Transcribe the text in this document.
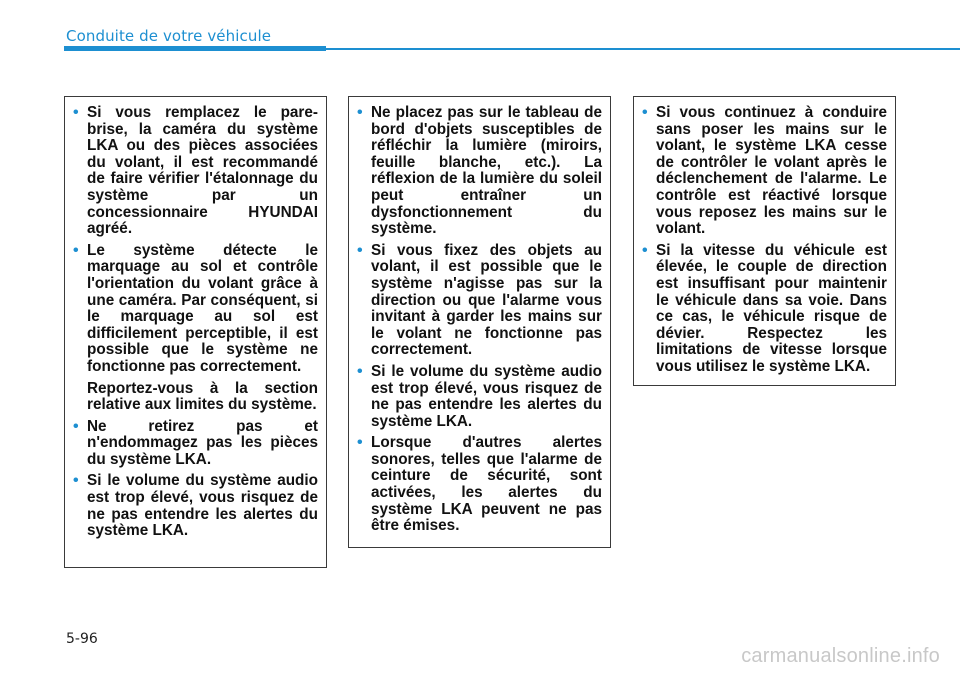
Conduite de votre véhicule
• Si vous remplacez le pare-brise, la caméra du système LKA ou des pièces associées du volant, il est recommandé de faire vérifier l'étalonnage du système par un concessionnaire HYUNDAI agréé.
• Le système détecte le marquage au sol et contrôle l'orientation du volant grâce à une caméra. Par conséquent, si le marquage au sol est difficilement perceptible, il est possible que le système ne fonctionne pas correctement.
Reportez-vous à la section relative aux limites du système.
• Ne retirez pas et n'endommagez pas les pièces du système LKA.
• Si le volume du système audio est trop élevé, vous risquez de ne pas entendre les alertes du système LKA.
• Ne placez pas sur le tableau de bord d'objets susceptibles de réfléchir la lumière (miroirs, feuille blanche, etc.). La réflexion de la lumière du soleil peut entraîner un dysfonctionnement du système.
• Si vous fixez des objets au volant, il est possible que le système n'agisse pas sur la direction ou que l'alarme vous invitant à garder les mains sur le volant ne fonctionne pas correctement.
• Si le volume du système audio est trop élevé, vous risquez de ne pas entendre les alertes du système LKA.
• Lorsque d'autres alertes sonores, telles que l'alarme de ceinture de sécurité, sont activées, les alertes du système LKA peuvent ne pas être émises.
• Si vous continuez à conduire sans poser les mains sur le volant, le système LKA cesse de contrôler le volant après le déclenchement de l'alarme. Le contrôle est réactivé lorsque vous reposez les mains sur le volant.
• Si la vitesse du véhicule est élevée, le couple de direction est insuffisant pour maintenir le véhicule dans sa voie. Dans ce cas, le véhicule risque de dévier. Respectez les limitations de vitesse lorsque vous utilisez le système LKA.
5-96
carmanualsonline.info
